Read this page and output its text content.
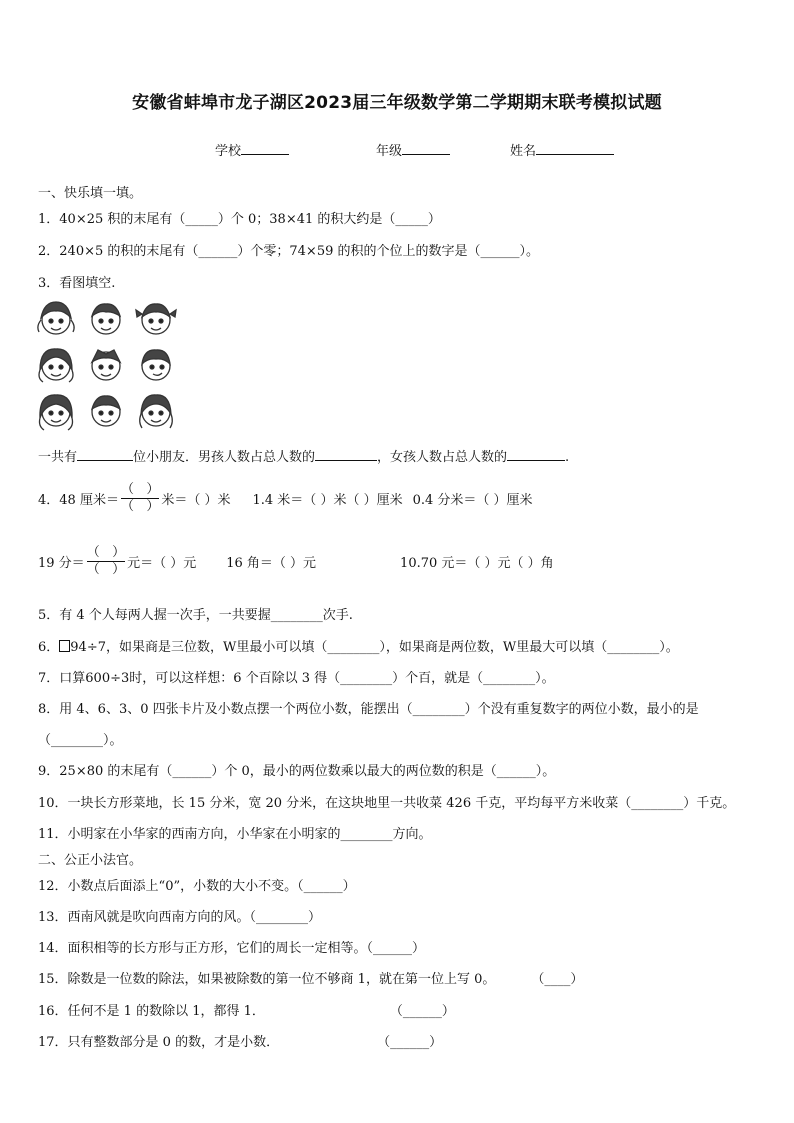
安徽省蚌埠市龙子湖区2023届三年级数学第二学期期末联考模拟试题
学校	年级	姓名
一、快乐填一填。
1．40×25 积的末尾有（_____）个 0；38×41 的积大约是（_____）
2．240×5 的积的末尾有（______）个零；74×59 的积的个位上的数字是（______）。
3．看图填空.
一共有	位小朋友．男孩人数占总人数的	，女孩人数占总人数的	.
4．48 厘米＝ $\frac{( )}{( )}$ 米＝（ ）米 1.4 米＝（ ）米（ ）厘米 0.4 分米＝（ ）厘米
19 分＝ $\frac{( )}{( )}$ 元＝（ ）元 16 角＝（ ）元	10.70 元＝（ ）元（ ）角
5．有 4 个人每两人握一次手，一共要握________次手.
6． 94÷7，如果商是三位数，W里最小可以填（________），如果商是两位数，W里最大可以填（________）。
7．口算600÷3时，可以这样想：6 个百除以 3 得（________）个百，就是（________）。
8．用 4、6、3、0 四张卡片及小数点摆一个两位小数，能摆出（________）个没有重复数字的两位小数，最小的是
（________）。
9．25×80 的末尾有（______）个 0，最小的两位数乘以最大的两位数的积是（______）。
10．一块长方形菜地，长 15 分米，宽 20 分米，在这块地里一共收菜 426 千克，平均每平方米收菜（________）千克。
11．小明家在小华家的西南方向，小华家在小明家的________方向。
二、公正小法官。
12．小数点后面添上“0”，小数的大小不变。（______）
13．西南风就是吹向西南方向的风。（________）
14．面积相等的长方形与正方形，它们的周长一定相等。（______）
15．除数是一位数的除法，如果被除数的第一位不够商 1，就在第一位上写 0。	（____）
16．任何不是 1 的数除以 1，都得 1．	（______）
17．只有整数部分是 0 的数，才是小数．	（______）
